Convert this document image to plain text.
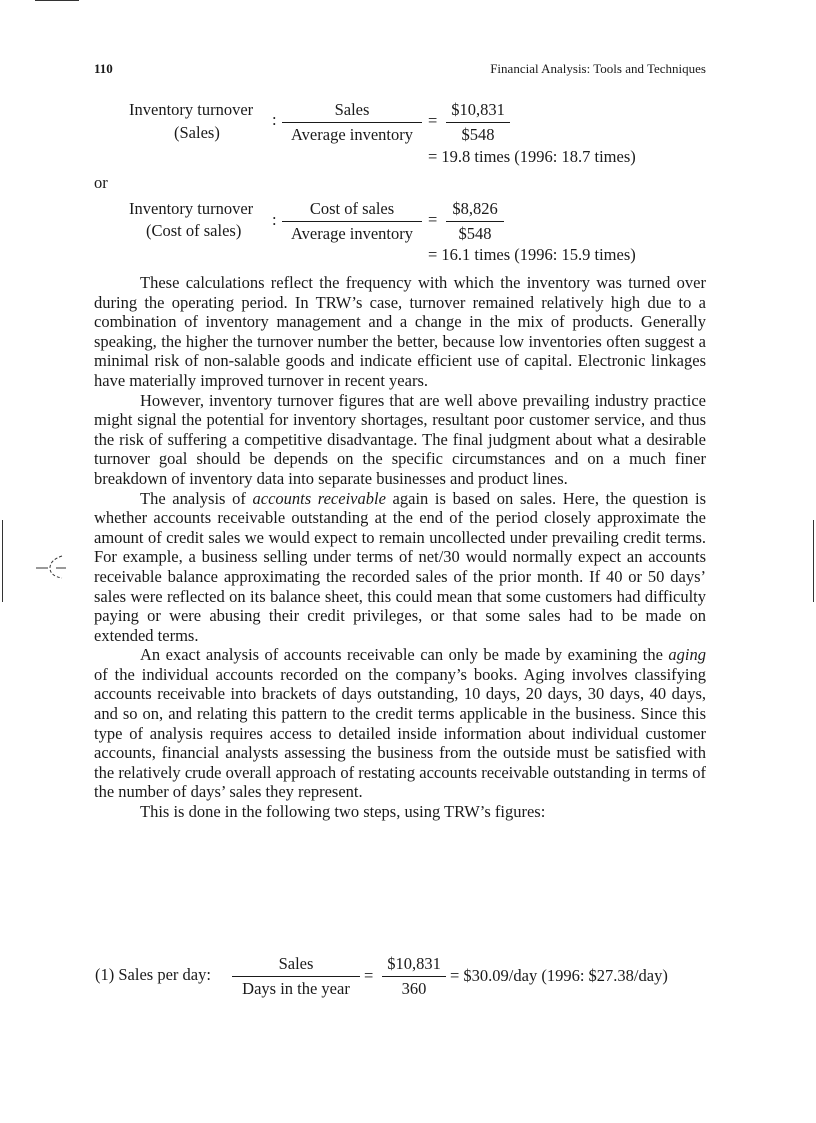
110	Financial Analysis: Tools and Techniques
Inventory turnover
(Sales)
:
Sales
Average inventory
= $\frac{\$10,831}{\$548}$
= 19.8 times (1996: 18.7 times)
or
Inventory turnover
(Cost of sales)
:
Cost of sales
Average inventory
= $\frac{\$8,826}{\$548}$
= 16.1 times (1996: 15.9 times)

These calculations reflect the frequency with which the inventory was turned over during the operating period. In TRW’s case, turnover remained relatively high due to a combination of inventory management and a change in the mix of products. Generally speaking, the higher the turnover number the better, because low inventories often suggest a minimal risk of non-salable goods and indicate efficient use of capital. Electronic linkages have materially improved turnover in recent years.

However, inventory turnover figures that are well above prevailing industry practice might signal the potential for inventory shortages, resultant poor customer service, and thus the risk of suffering a competitive disadvantage. The final judgment about what a desirable turnover goal should be depends on the specific circumstances and on a much finer breakdown of inventory data into separate businesses and product lines.

The analysis of accounts receivable again is based on sales. Here, the question is whether accounts receivable outstanding at the end of the period closely approximate the amount of credit sales we would expect to remain uncollected under prevailing credit terms. For example, a business selling under terms of net/30 would normally expect an accounts receivable balance approximating the recorded sales of the prior month. If 40 or 50 days’ sales were reflected on its balance sheet, this could mean that some customers had difficulty paying or were abusing their credit privileges, or that some sales had to be made on extended terms.

An exact analysis of accounts receivable can only be made by examining the aging of the individual accounts recorded on the company’s books. Aging involves classifying accounts receivable into brackets of days outstanding, 10 days, 20 days, 30 days, 40 days, and so on, and relating this pattern to the credit terms applicable in the business. Since this type of analysis requires access to detailed inside information about individual customer accounts, financial analysts assessing the business from the outside must be satisfied with the relatively crude overall approach of restating accounts receivable outstanding in terms of the number of days’ sales they represent.

This is done in the following two steps, using TRW’s figures:

(1) Sales per day:
Sales
Days in the year
= $\frac{\$10,831}{360}$ = $30.09/day (1996: $27.38/day)
